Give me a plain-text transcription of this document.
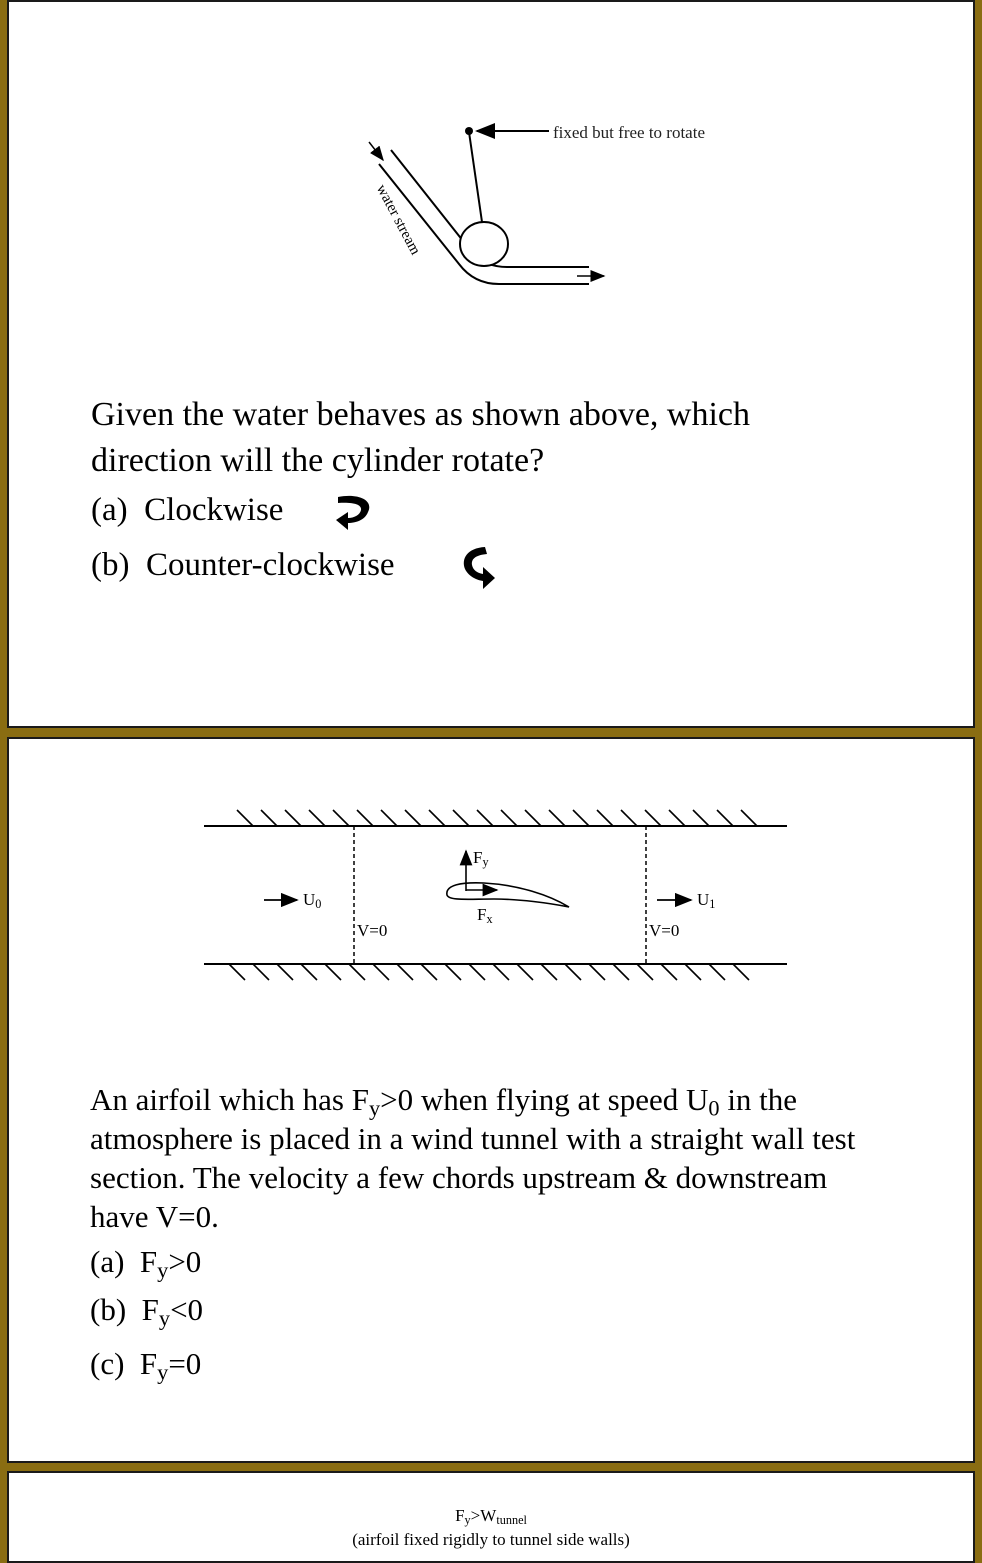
fixed but free to rotate
water stream
Given the water behaves as shown above, which
direction will the cylinder rotate?
(a) Clockwise
(b) Counter-clockwise
$F_y$
$F_x$
$U_0$	$U_1$
V=0	V=0
An airfoil which has $F_y>0$ when flying at speed $U_0$ in the
atmosphere is placed in a wind tunnel with a straight wall test
section. The velocity a few chords upstream & downstream
have V=0.
(a) $F_y>0$
(b) $F_y<0$
(c) $F_y=0$
$F_y>W_{tunnel}$
(airfoil fixed rigidly to tunnel side walls)
